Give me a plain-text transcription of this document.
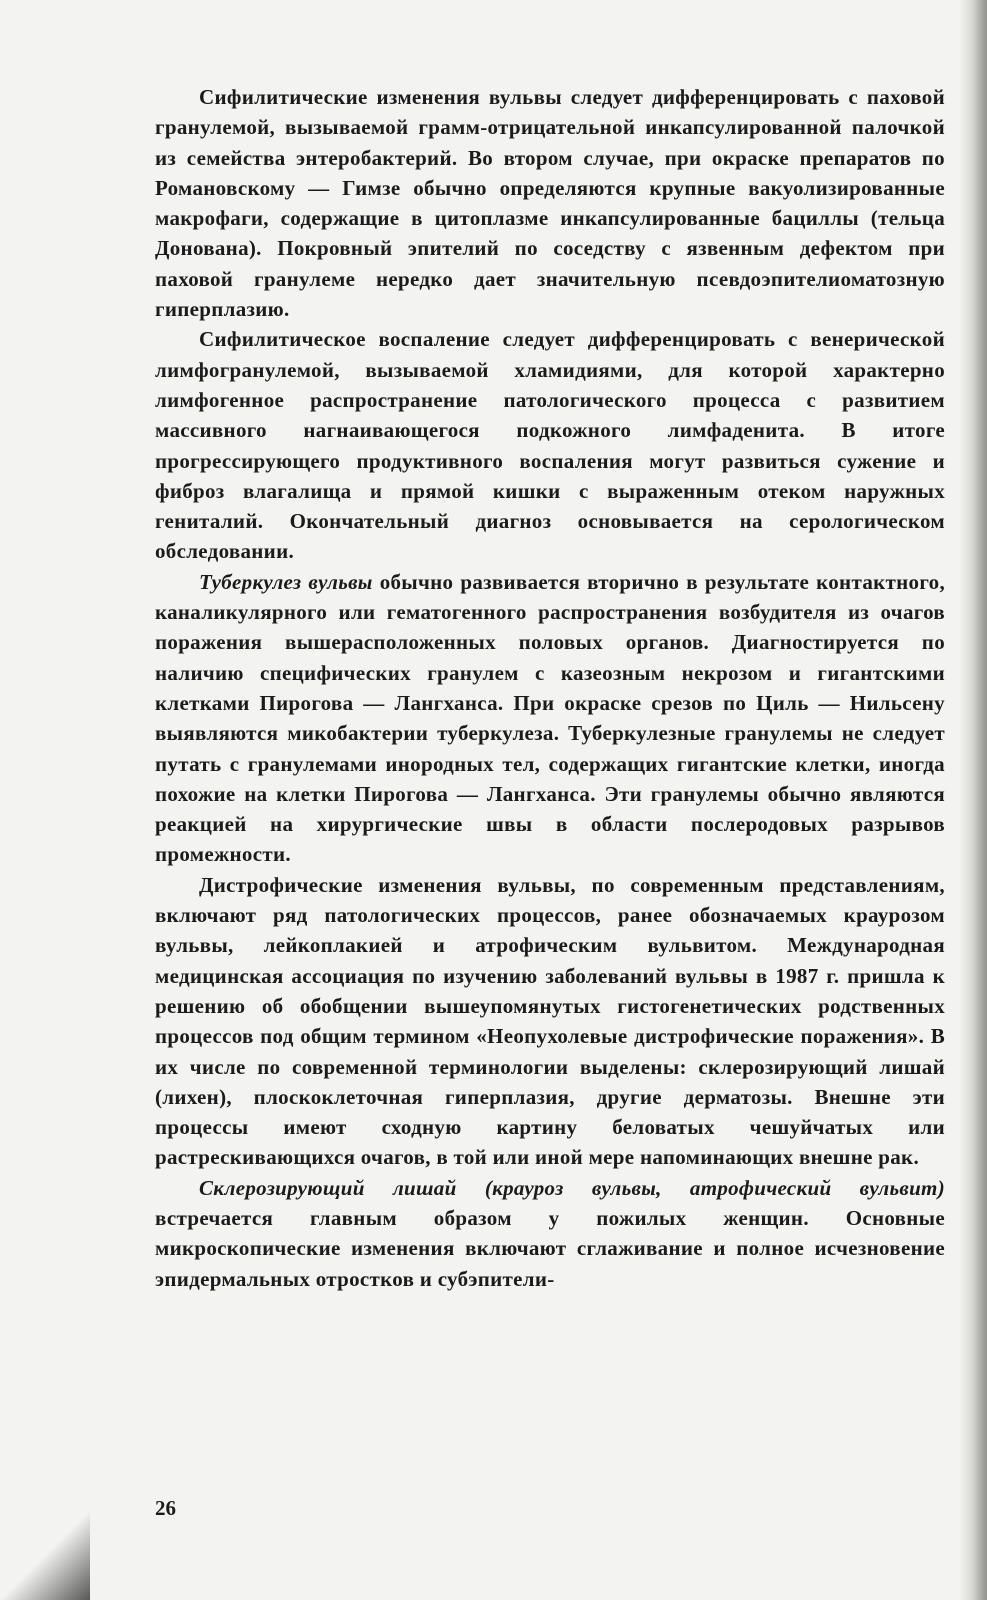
Сифилитические изменения вульвы следует дифференцировать с паховой гранулемой, вызываемой грамм-отрицательной инкапсулированной палочкой из семейства энтеробактерий. Во втором случае, при окраске препаратов по Романовскому — Гимзе обычно определяются крупные вакуолизированные макрофаги, содержащие в цитоплазме инкапсулированные бациллы (тельца Донована). Покровный эпителий по соседству с язвенным дефектом при паховой гранулеме нередко дает значительную псевдоэпителиоматозную гиперплазию.

Сифилитическое воспаление следует дифференцировать с венерической лимфогранулемой, вызываемой хламидиями, для которой характерно лимфогенное распространение патологического процесса с развитием массивного нагнаивающегося подкожного лимфаденита. В итоге прогрессирующего продуктивного воспаления могут развиться сужение и фиброз влагалища и прямой кишки с выраженным отеком наружных гениталий. Окончательный диагноз основывается на серологическом обследовании.

Туберкулез вульвы обычно развивается вторично в результате контактного, каналикулярного или гематогенного распространения возбудителя из очагов поражения вышерасположенных половых органов. Диагностируется по наличию специфических гранулем с казеозным некрозом и гигантскими клетками Пирогова — Лангханса. При окраске срезов по Циль — Нильсену выявляются микобактерии туберкулеза. Туберкулезные гранулемы не следует путать с гранулемами инородных тел, содержащих гигантские клетки, иногда похожие на клетки Пирогова — Лангханса. Эти гранулемы обычно являются реакцией на хирургические швы в области послеродовых разрывов промежности.

Дистрофические изменения вульвы, по современным представлениям, включают ряд патологических процессов, ранее обозначаемых краурозом вульвы, лейкоплакией и атрофическим вульвитом. Международная медицинская ассоциация по изучению заболеваний вульвы в 1987 г. пришла к решению об обобщении вышеупомянутых гистогенетических родственных процессов под общим термином «Неопухолевые дистрофические поражения». В их числе по современной терминологии выделены: склерозирующий лишай (лихен), плоскоклеточная гиперплазия, другие дерматозы. Внешне эти процессы имеют сходную картину беловатых чешуйчатых или растрескивающихся очагов, в той или иной мере напоминающих внешне рак.

Склерозирующий лишай (крауроз вульвы, атрофический вульвит) встречается главным образом у пожилых женщин. Основные микроскопические изменения включают сглаживание и полное исчезновение эпидермальных отростков и субэпители-

26
